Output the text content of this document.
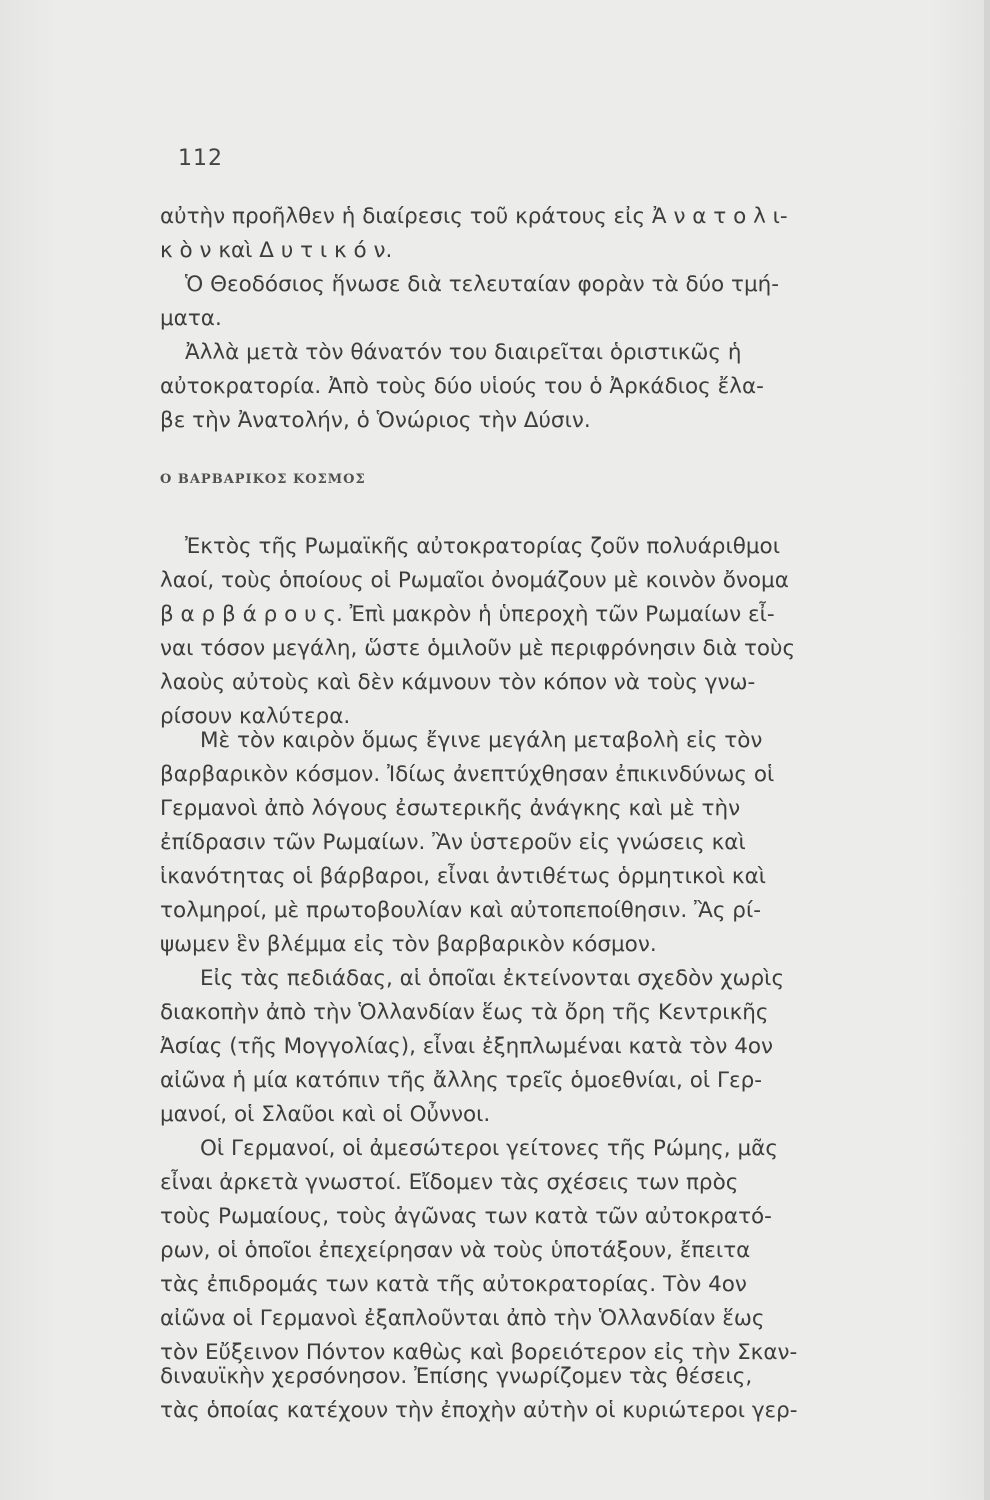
112
αὐτὴν προῆλθεν ἡ διαίρεσις τοῦ κράτους εἰς Ἀ ν α τ ο λ ι-
κ ὸ ν καὶ Δ υ τ ι κ ό ν.
Ὁ Θεοδόσιος ἥνωσε διὰ τελευταίαν φορὰν τὰ δύο τμή-
ματα.
Ἀλλὰ μετὰ τὸν θάνατόν του διαιρεῖται ὁριστικῶς ἡ
αὐτοκρατορία. Ἀπὸ τοὺς δύο υἱούς του ὁ Ἀρκάδιος ἔλα-
βε τὴν Ἀνατολήν, ὁ Ὁνώριος τὴν Δύσιν.
Ο ΒΑΡΒΑΡΙΚΟΣ ΚΟΣΜΟΣ
Ἐκτὸς τῆς Ρωμαϊκῆς αὐτοκρατορίας ζοῦν πολυάριθμοι
λαοί, τοὺς ὁποίους οἱ Ρωμαῖοι ὀνομάζουν μὲ κοινὸν ὄνομα
β α ρ β ά ρ ο υ ς. Ἐπὶ μακρὸν ἡ ὑπεροχὴ τῶν Ρωμαίων εἶ-
ναι τόσον μεγάλη, ὥστε ὁμιλοῦν μὲ περιφρόνησιν διὰ τοὺς
λαοὺς αὐτοὺς καὶ δὲν κάμνουν τὸν κόπον νὰ τοὺς γνω-
ρίσουν καλύτερα.
Μὲ τὸν καιρὸν ὅμως ἔγινε μεγάλη μεταβολὴ εἰς τὸν
βαρβαρικὸν κόσμον. Ἰδίως ἀνεπτύχθησαν ἐπικινδύνως οἱ
Γερμανοὶ ἀπὸ λόγους ἐσωτερικῆς ἀνάγκης καὶ μὲ τὴν
ἐπίδρασιν τῶν Ρωμαίων. Ἂν ὑστεροῦν εἰς γνώσεις καὶ
ἱκανότητας οἱ βάρβαροι, εἶναι ἀντιθέτως ὁρμητικοὶ καὶ
τολμηροί, μὲ πρωτοβουλίαν καὶ αὐτοπεποίθησιν. Ἂς ρί-
ψωμεν ἓν βλέμμα εἰς τὸν βαρβαρικὸν κόσμον.
Εἰς τὰς πεδιάδας, αἱ ὁποῖαι ἐκτείνονται σχεδὸν χωρὶς
διακοπὴν ἀπὸ τὴν Ὁλλανδίαν ἕως τὰ ὄρη τῆς Κεντρικῆς
Ἀσίας (τῆς Μογγολίας), εἶναι ἐξηπλωμέναι κατὰ τὸν 4ον
αἰῶνα ἡ μία κατόπιν τῆς ἄλλης τρεῖς ὁμοεθνίαι, οἱ Γερ-
μανοί, οἱ Σλαῦοι καὶ οἱ Οὖννοι.
Οἱ Γερμανοί, οἱ ἀμεσώτεροι γείτονες τῆς Ρώμης, μᾶς
εἶναι ἀρκετὰ γνωστοί. Εἴδομεν τὰς σχέσεις των πρὸς
τοὺς Ρωμαίους, τοὺς ἀγῶνας των κατὰ τῶν αὐτοκρατό-
ρων, οἱ ὁποῖοι ἐπεχείρησαν νὰ τοὺς ὑποτάξουν, ἔπειτα
τὰς ἐπιδρομάς των κατὰ τῆς αὐτοκρατορίας. Τὸν 4ον
αἰῶνα οἱ Γερμανοὶ ἐξαπλοῦνται ἀπὸ τὴν Ὁλλανδίαν ἕως
τὸν Εὔξεινον Πόντον καθὼς καὶ βορειότερον εἰς τὴν Σκαν-
διναυϊκὴν χερσόνησον. Ἐπίσης γνωρίζομεν τὰς θέσεις,
τὰς ὁποίας κατέχουν τὴν ἐποχὴν αὐτὴν οἱ κυριώτεροι γερ-
